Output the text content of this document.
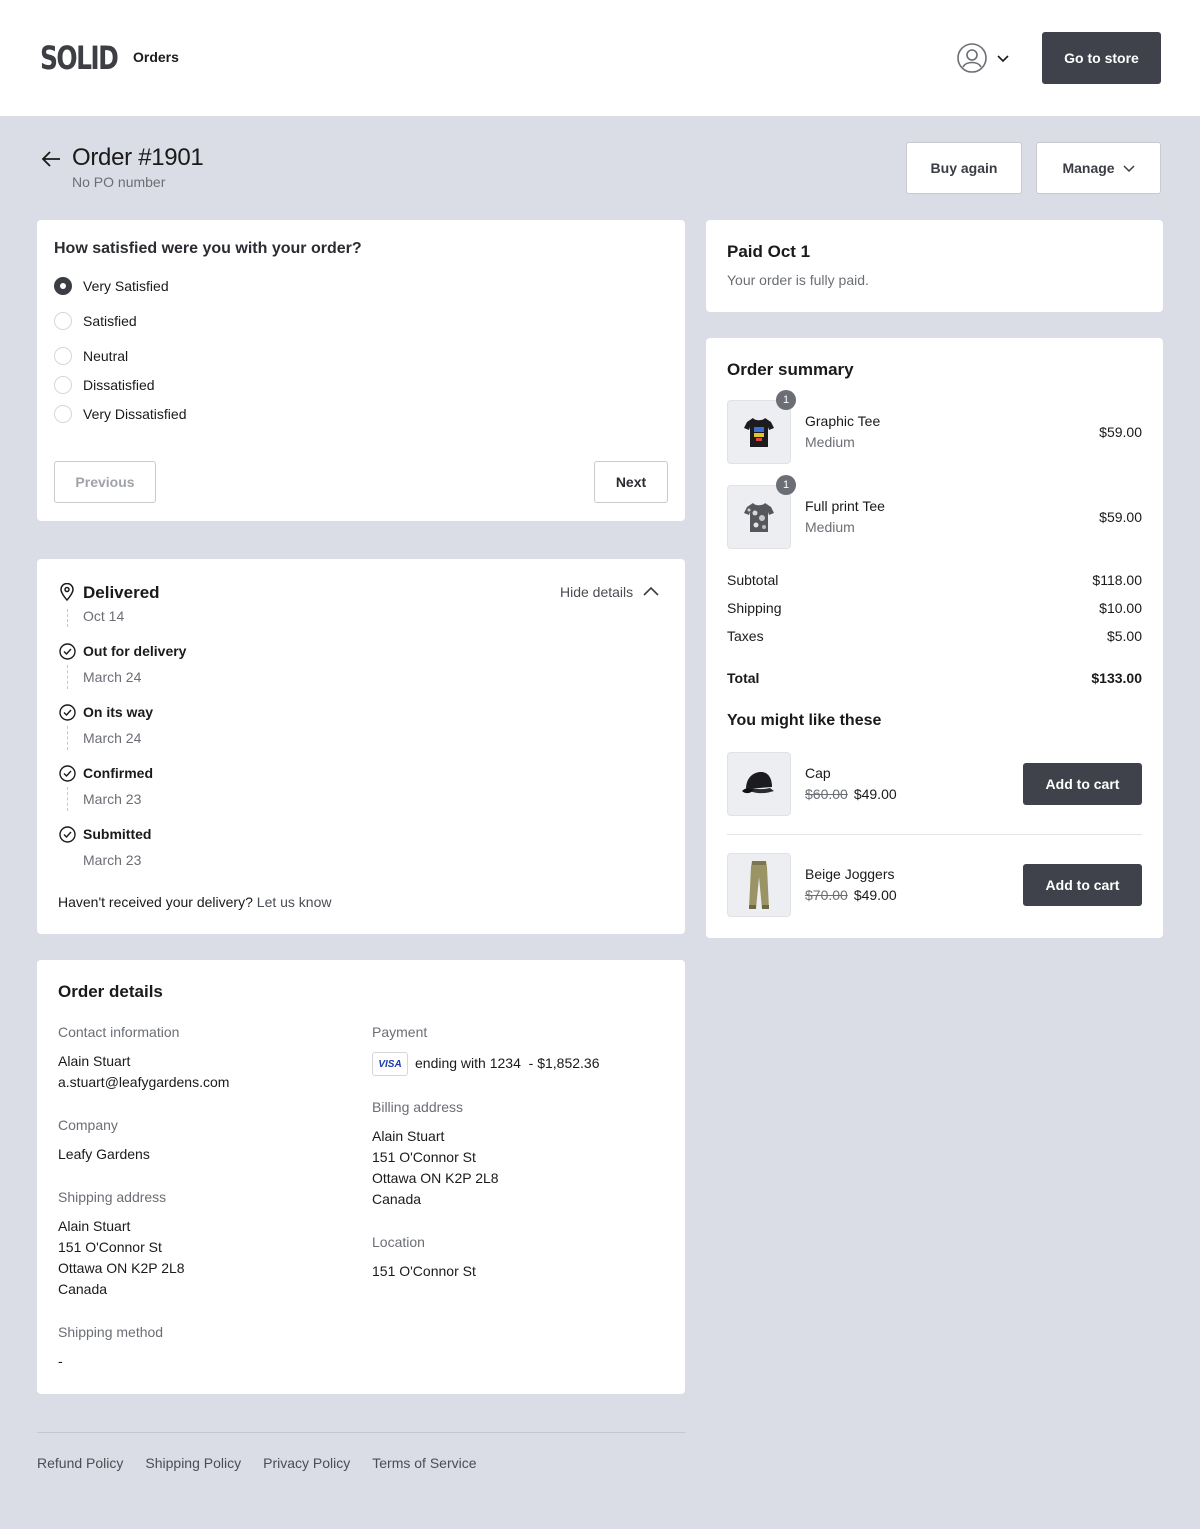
SOLID Orders	Go to store
Order #1901
No PO number
Buy again	Manage
How satisfied were you with your order?
Very Satisfied
Satisfied
Neutral
Dissatisfied
Very Dissatisfied
Previous	Next
Delivered
Oct 14
Hide details
Out for delivery
March 24
On its way
March 24
Confirmed
March 23
Submitted
March 23
Haven't received your delivery? Let us know
Order details
Contact information
Alain Stuart
a.stuart@leafygardens.com
Company
Leafy Gardens
Shipping address
Alain Stuart
151 O'Connor St
Ottawa ON K2P 2L8
Canada
Shipping method
-
Payment
VISA ending with 1234  - $1,852.36
Billing address
Alain Stuart
151 O'Connor St
Ottawa ON K2P 2L8
Canada
Location
151 O'Connor St
Paid Oct 1

Your order is fully paid.

Order summary
1
Graphic Tee
Medium
$59.00
1
Full print Tee
Medium
$59.00
Subtotal	$118.00
Shipping	$10.00
Taxes	$5.00
Total	$133.00
You might like these
Cap
$60.00 $49.00
Add to cart
Beige Joggers
$70.00 $49.00
Add to cart
Refund Policy Shipping Policy Privacy Policy Terms of Service
